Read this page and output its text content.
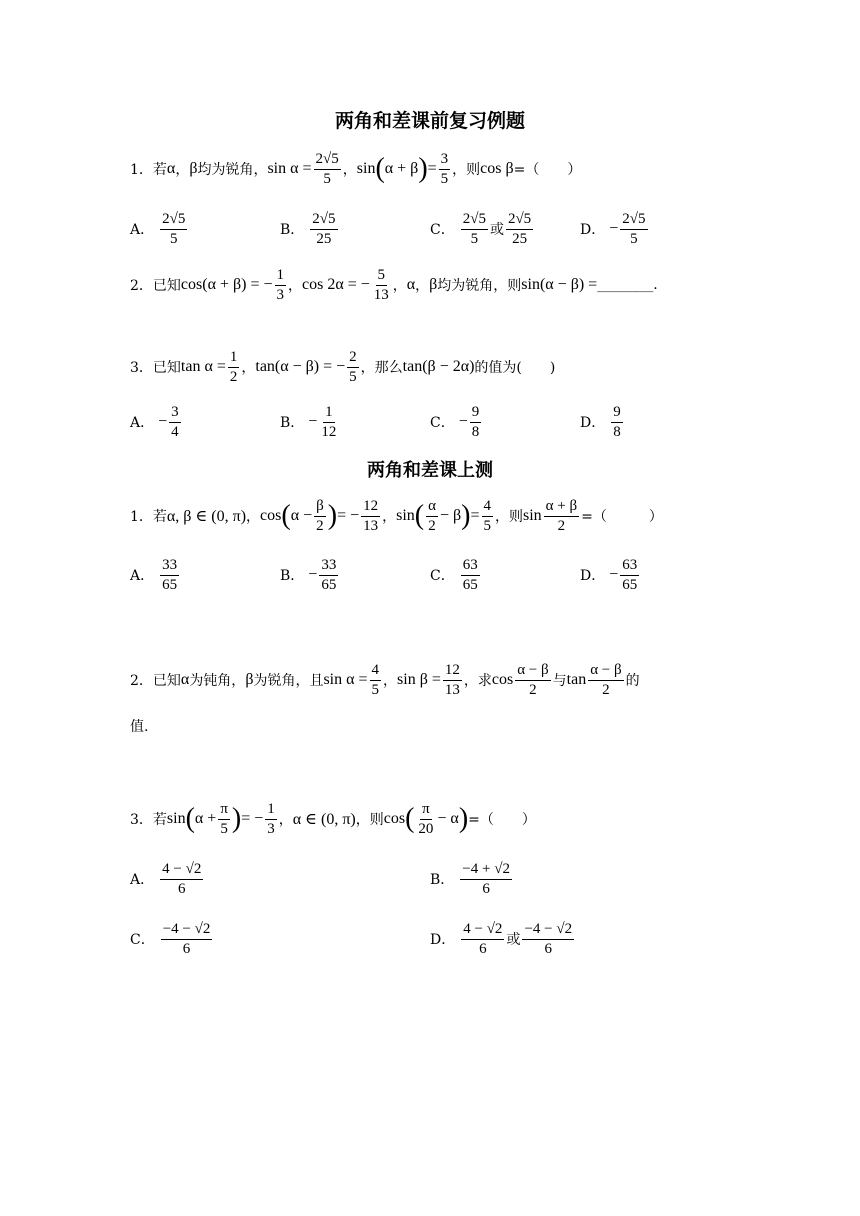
两角和差课前复习例题
1． 若 α ， β 均为锐角， $\sin \alpha = \frac{2√5}{5}$ ， sin ( α + β ) = $\frac{3}{5}$ ，则 cos β =（　　）
A． $\frac{2√5}{5}$	B． $\frac{2√5}{25}$	C． $\frac{2√5}{5}$ 或 $\frac{2√5}{25}$	D． − $\frac{2√5}{5}$
2． 已知 cos(α + β) = − $\frac{1}{3}$ ， cos 2α = − $\frac{5}{13}$ ， α ， β 均为锐角，则 sin(α − β) = ________.
3． 已知 $\tan \alpha = \frac{1}{2}$ ， tan(α − β) = − $\frac{2}{5}$ ，那么 tan(β − 2α) 的值为(　　)
A． − $\frac{3}{4}$	B． − $\frac{1}{12}$	C． − $\frac{9}{8}$	D． $\frac{9}{8}$
两角和差课上测
1． 若 α, β ∈ (0, π) ， cos ( $\alpha - \frac{\beta}{2}$ ) = − $\frac{12}{13}$ ， sin ( $\frac{\alpha}{2} - \beta$ ) = $\frac{4}{5}$ ，则 $\sin \frac{\alpha + \beta}{2}$ =（　　　）
A． $\frac{33}{65}$	B． − $\frac{33}{65}$	C． $\frac{63}{65}$	D． − $\frac{63}{65}$
2． 已知 α 为钝角， β 为锐角，且 $\sin \alpha = \frac{4}{5}$ ， $\sin \beta = \frac{12}{13}$ ，求 $\cos \frac{\alpha - \beta}{2}$ 与 $\tan \frac{\alpha - \beta}{2}$ 的
值.
3． 若 sin ( $\alpha + \frac{\pi}{5}$ ) = − $\frac{1}{3}$ ， α ∈ (0, π) ，则 cos ( $\frac{\pi}{20} - \alpha$ ) =（　　）
A． $\frac{4 - √2}{6}$	B． $\frac{-4 + √2}{6}$
C． $\frac{-4 - √2}{6}$	D． $\frac{4 - √2}{6}$ 或 $\frac{-4 - √2}{6}$
